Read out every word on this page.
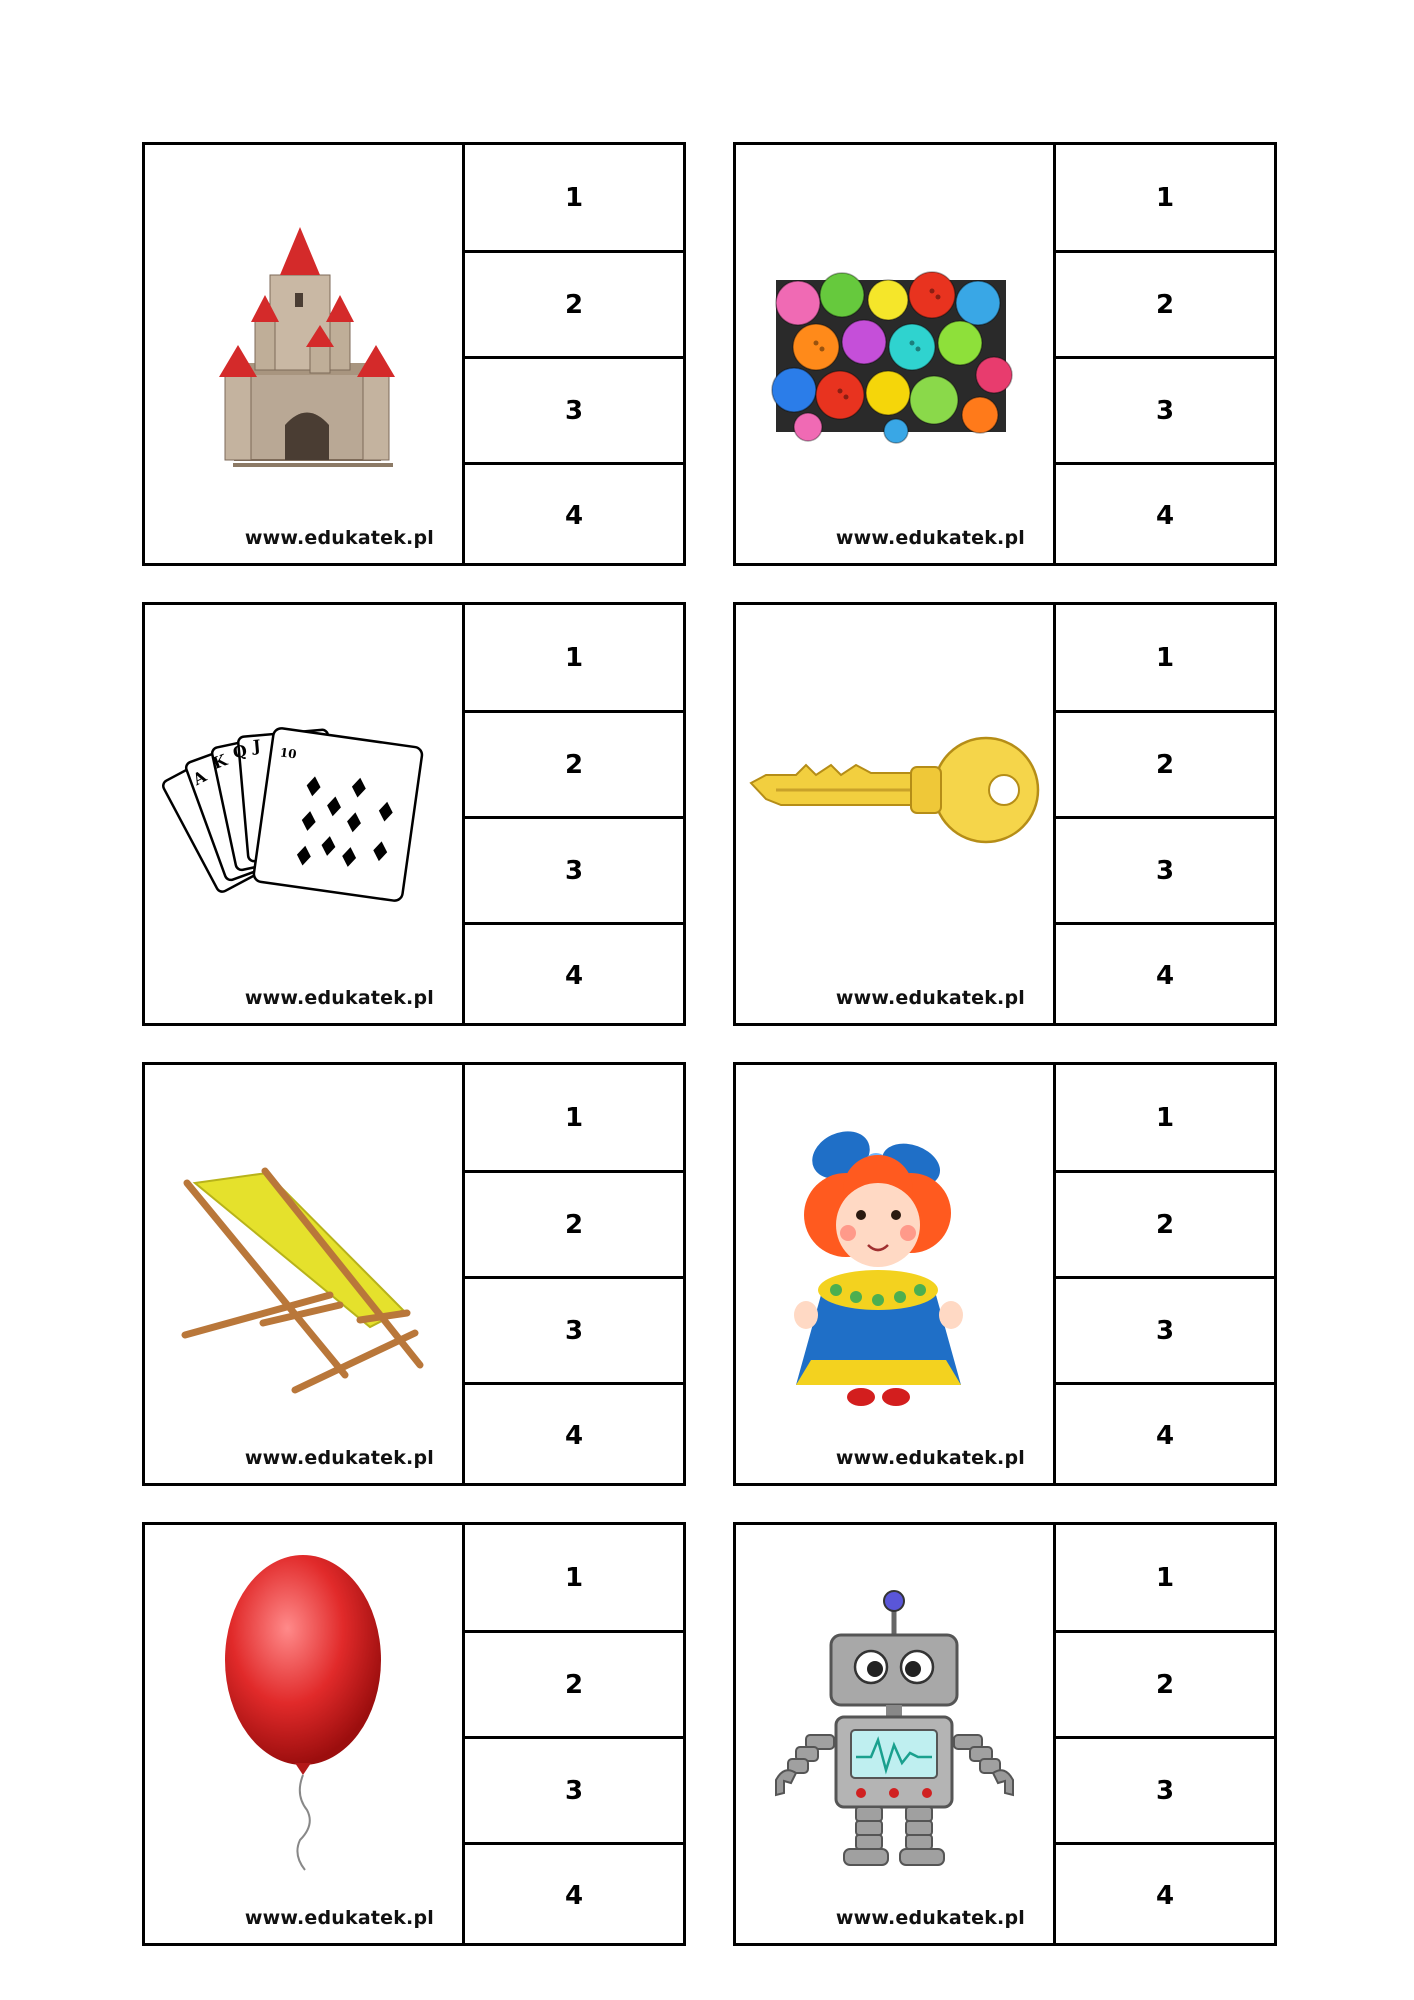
www.edukatek.pl
1
2
3
4
www.edukatek.pl
1
2
3
4
A
K Q J 10
www.edukatek.pl
1
2
3
4
www.edukatek.pl
1
2
3
4
www.edukatek.pl
1
2
3
4
www.edukatek.pl
1
2
3
4
www.edukatek.pl
1
2
3
4
www.edukatek.pl
1
2
3
4
